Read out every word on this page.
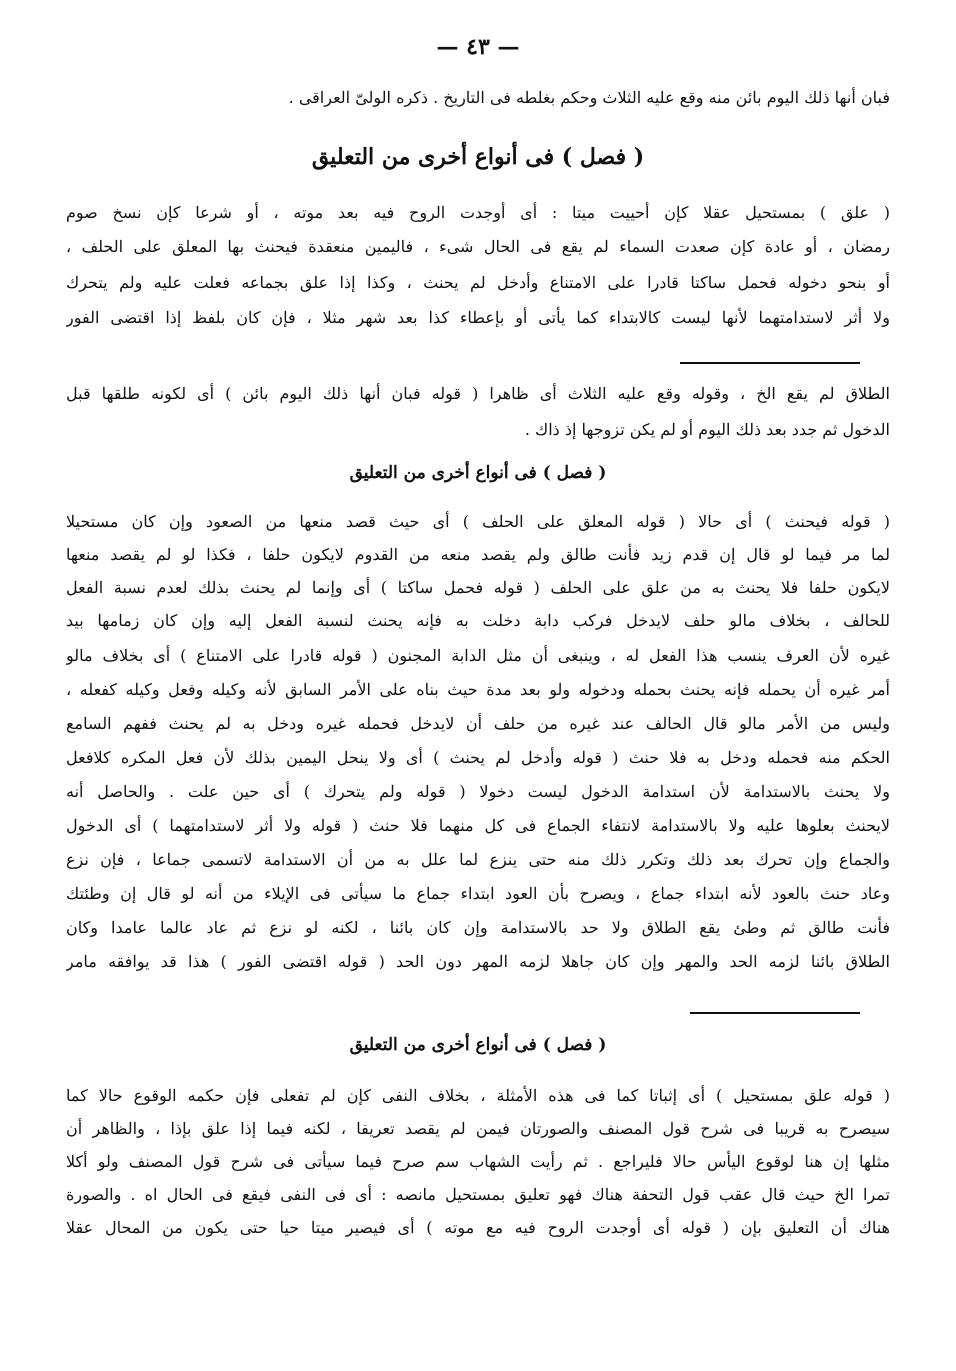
— ٤٣ —
فبان أنها ذلك اليوم بائن منه وقع عليه الثلاث وحكم بغلطه فى التاريخ . ذكره الولىّ العراقى .
( فصل ) فى أنواع أخرى من التعليق
( علق ) بمستحيل عقلا كإن أحييت ميتا : أى أوجدت الروح فيه بعد موته ، أو شرعا كإن نسخ صوم
رمضان ، أو عادة كإن صعدت السماء لم يقع فى الحال شىء ، فاليمين منعقدة فيحنث بها المعلق على الحلف ،
أو بنحو دخوله فحمل ساكتا قادرا على الامتناع وأدخل لم يحنث ، وكذا إذا علق بجماعه فعلت عليه ولم يتحرك
ولا أثر لاستدامتهما لأنها ليست كالابتداء كما يأتى أو بإعطاء كذا بعد شهر مثلا ، فإن كان بلفظ إذا اقتضى الفور
الطلاق لم يقع الخ ، وقوله وقع عليه الثلاث أى ظاهرا ( قوله فبان أنها ذلك اليوم بائن ) أى لكونه طلقها قبل
الدخول ثم جدد بعد ذلك اليوم أو لم يكن تزوجها إذ ذاك .
( فصل ) فى أنواع أخرى من التعليق
( قوله فيحنث ) أى حالا ( قوله المعلق على الحلف ) أى حيث قصد منعها من الصعود وإن كان مستحيلا
لما مر فيما لو قال إن قدم زيد فأنت طالق ولم يقصد منعه من القدوم لايكون حلفا ، فكذا لو لم يقصد منعها
لايكون حلفا فلا يحنث به من علق على الحلف ( قوله فحمل ساكتا ) أى وإنما لم يحنث بذلك لعدم نسبة الفعل
للحالف ، بخلاف مالو حلف لايدخل فركب دابة دخلت به فإنه يحنث لنسبة الفعل إليه وإن كان زمامها بيد
غيره لأن العرف ينسب هذا الفعل له ، وينبغى أن مثل الدابة المجنون ( قوله قادرا على الامتناع ) أى بخلاف مالو
أمر غيره أن يحمله فإنه يحنث بحمله ودخوله ولو بعد مدة حيث بناه على الأمر السابق لأنه وكيله وفعل وكيله كفعله ،
وليس من الأمر مالو قال الحالف عند غيره من حلف أن لايدخل فحمله غيره ودخل به لم يحنث ففهم السامع
الحكم منه فحمله ودخل به فلا حنث ( قوله وأدخل لم يحنث ) أى ولا ينحل اليمين بذلك لأن فعل المكره كلافعل
ولا يحنث بالاستدامة لأن استدامة الدخول ليست دخولا ( قوله ولم يتحرك ) أى حين علت . والحاصل أنه
لايحنث بعلوها عليه ولا بالاستدامة لانتفاء الجماع فى كل منهما فلا حنث ( قوله ولا أثر لاستدامتهما ) أى الدخول
والجماع وإن تحرك بعد ذلك وتكرر ذلك منه حتى ينزع لما علل به من أن الاستدامة لاتسمى جماعا ، فإن نزع
وعاد حنث بالعود لأنه ابتداء جماع ، ويصرح بأن العود ابتداء جماع ما سيأتى فى الإيلاء من أنه لو قال إن وطئتك
فأنت طالق ثم وطئ يقع الطلاق ولا حد بالاستدامة وإن كان بائنا ، لكنه لو نزع ثم عاد عالما عامدا وكان
الطلاق بائنا لزمه الحد والمهر وإن كان جاهلا لزمه المهر دون الحد ( قوله اقتضى الفور ) هذا قد يوافقه مامر
( فصل ) فى أنواع أخرى من التعليق
( قوله علق بمستحيل ) أى إثباتا كما فى هذه الأمثلة ، بخلاف النفى كإن لم تفعلى فإن حكمه الوقوع حالا كما
سيصرح به قريبا فى شرح قول المصنف والصورتان فيمن لم يقصد تعريفا ، لكنه فيما إذا علق بإذا ، والظاهر أن
مثلها إن هنا لوقوع اليأس حالا فليراجع . ثم رأيت الشهاب سم صرح فيما سيأتى فى شرح قول المصنف ولو أكلا
تمرا الخ حيث قال عقب قول التحفة هناك فهو تعليق بمستحيل مانصه : أى فى النفى فيقع فى الحال اه . والصورة
هناك أن التعليق بإن ( قوله أى أوجدت الروح فيه مع موته ) أى فيصير ميتا حيا حتى يكون من المحال عقلا
